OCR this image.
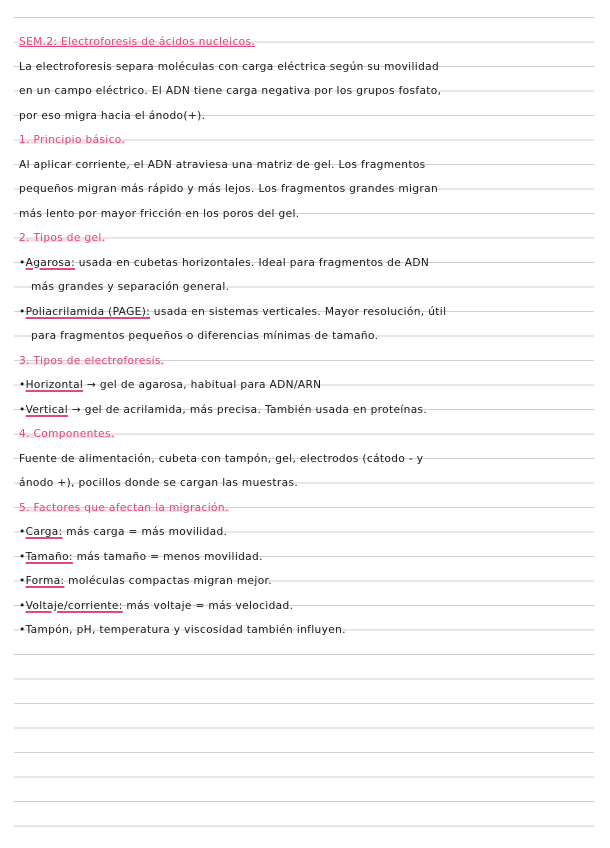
SEM.2: Electroforesis de ácidos nucleicos.
La electroforesis separa moléculas con carga eléctrica según su movilidad
en un campo eléctrico. El ADN tiene carga negativa por los grupos fosfato,
por eso migra hacia el ánodo(+).
1. Principio básico.
Al aplicar corriente, el ADN atraviesa una matriz de gel. Los fragmentos
pequeños migran más rápido y más lejos. Los fragmentos grandes migran
más lento por mayor fricción en los poros del gel.
2. Tipos de gel.
•Agarosa: usada en cubetas horizontales. Ideal para fragmentos de ADN
más grandes y separación general.
•Poliacrilamida (PAGE): usada en sistemas verticales. Mayor resolución, útil
para fragmentos pequeños o diferencias mínimas de tamaño.
3. Tipos de electroforesis.
•Horizontal → gel de agarosa, habitual para ADN/ARN
•Vertical → gel de acrilamida, más precisa. También usada en proteínas.
4. Componentes.
Fuente de alimentación, cubeta con tampón, gel, electrodos (cátodo - y
ánodo +), pocillos donde se cargan las muestras.
5. Factores que afectan la migración.
•Carga: más carga = más movilidad.
•Tamaño: más tamaño = menos movilidad.
•Forma: moléculas compactas migran mejor.
•Voltaje/corriente: más voltaje = más velocidad.
•Tampón, pH, temperatura y viscosidad también influyen.
